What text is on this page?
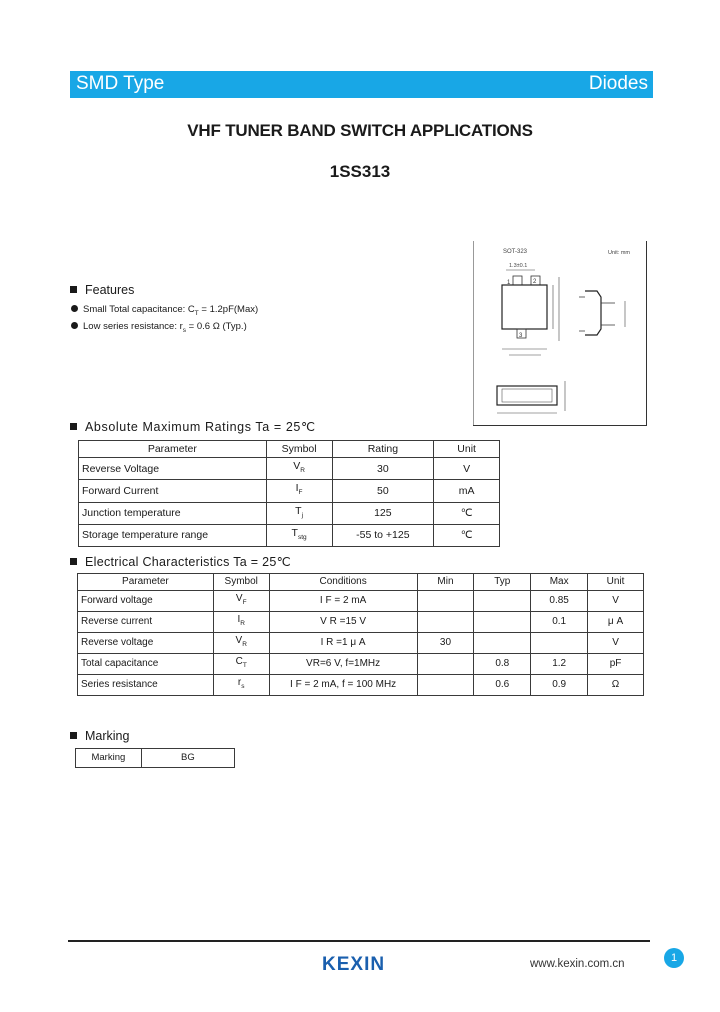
SMD Type	Diodes
VHF TUNER BAND SWITCH APPLICATIONS
1SS313
SOT-323	Unit: mm
1.3±0.1
1	2
3
Features
Small Total capacitance: $C_T = 1.2pF(Max)$
Low series resistance: $r_s = 0.6$ Ω (Typ.)
Absolute Maximum Ratings Ta = 25℃
Parameter	Symbol	Rating	Unit
Reverse Voltage	$V_R$	30	V
Forward Current	$I_F$	50	mA
Junction temperature	$T_j$	125	℃
Storage temperature range	$T_{stg}$	-55 to +125	℃
Electrical Characteristics Ta = 25℃
Parameter	Symbol	Conditions	Min	Typ	Max	Unit
Forward voltage	$V_F$	I F = 2 mA			0.85	V
Reverse current	$I_R$	V R =15 V			0.1	μ A
Reverse voltage	$V_R$	I R =1 μ A	30			V
Total capacitance	$C_T$	VR=6 V, f=1MHz		0.8	1.2	pF
Series resistance	$r_s$	I F = 2 mA, f = 100 MHz		0.6	0.9	Ω
Marking
Marking	BG
KEXIN	www.kexin.com.cn	1
